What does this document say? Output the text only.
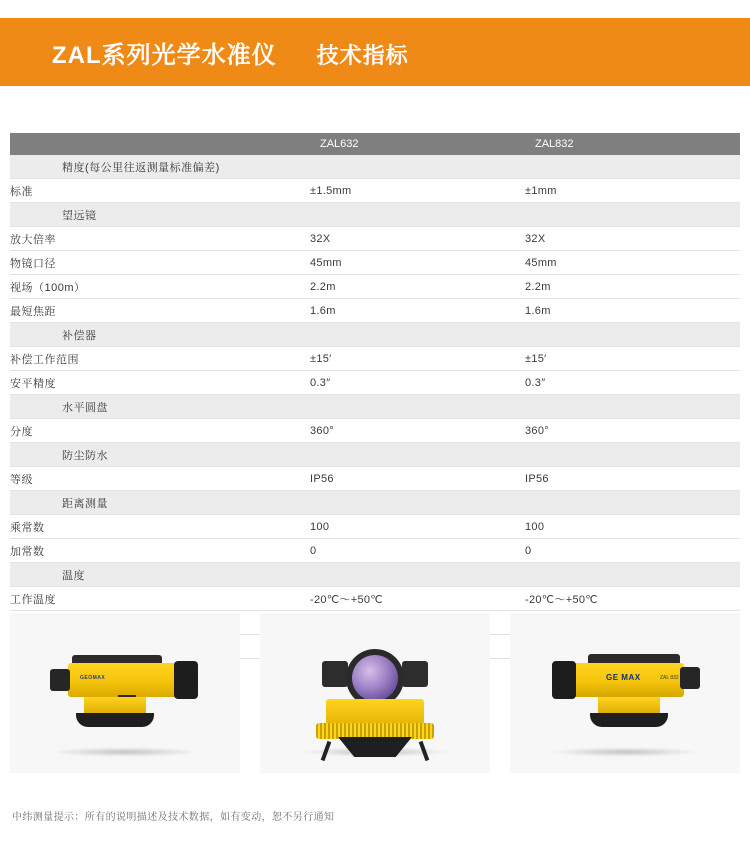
ZAL系列光学水准仪 技术指标
	ZAL632	ZAL832
精度(每公里往返测量标准偏差)		
标准	±1.5mm	±1mm
望远镜		
放大倍率	32X	32X
物镜口径	45mm	45mm
视场（100m）	2.2m	2.2m
最短焦距	1.6m	1.6m
补偿器		
补偿工作范围	±15′	±15′
安平精度	0.3″	0.3″
水平圆盘		
分度	360°	360°
防尘防水		
等级	IP56	IP56
距离测量		
乘常数	100	100
加常数	0	0
温度		
工作温度	-20℃～+50℃	-20℃～+50℃

GEOMAX	GE MAX	ZAL 832
中纬测量提示：所有的说明描述及技术数据，如有变动，恕不另行通知
